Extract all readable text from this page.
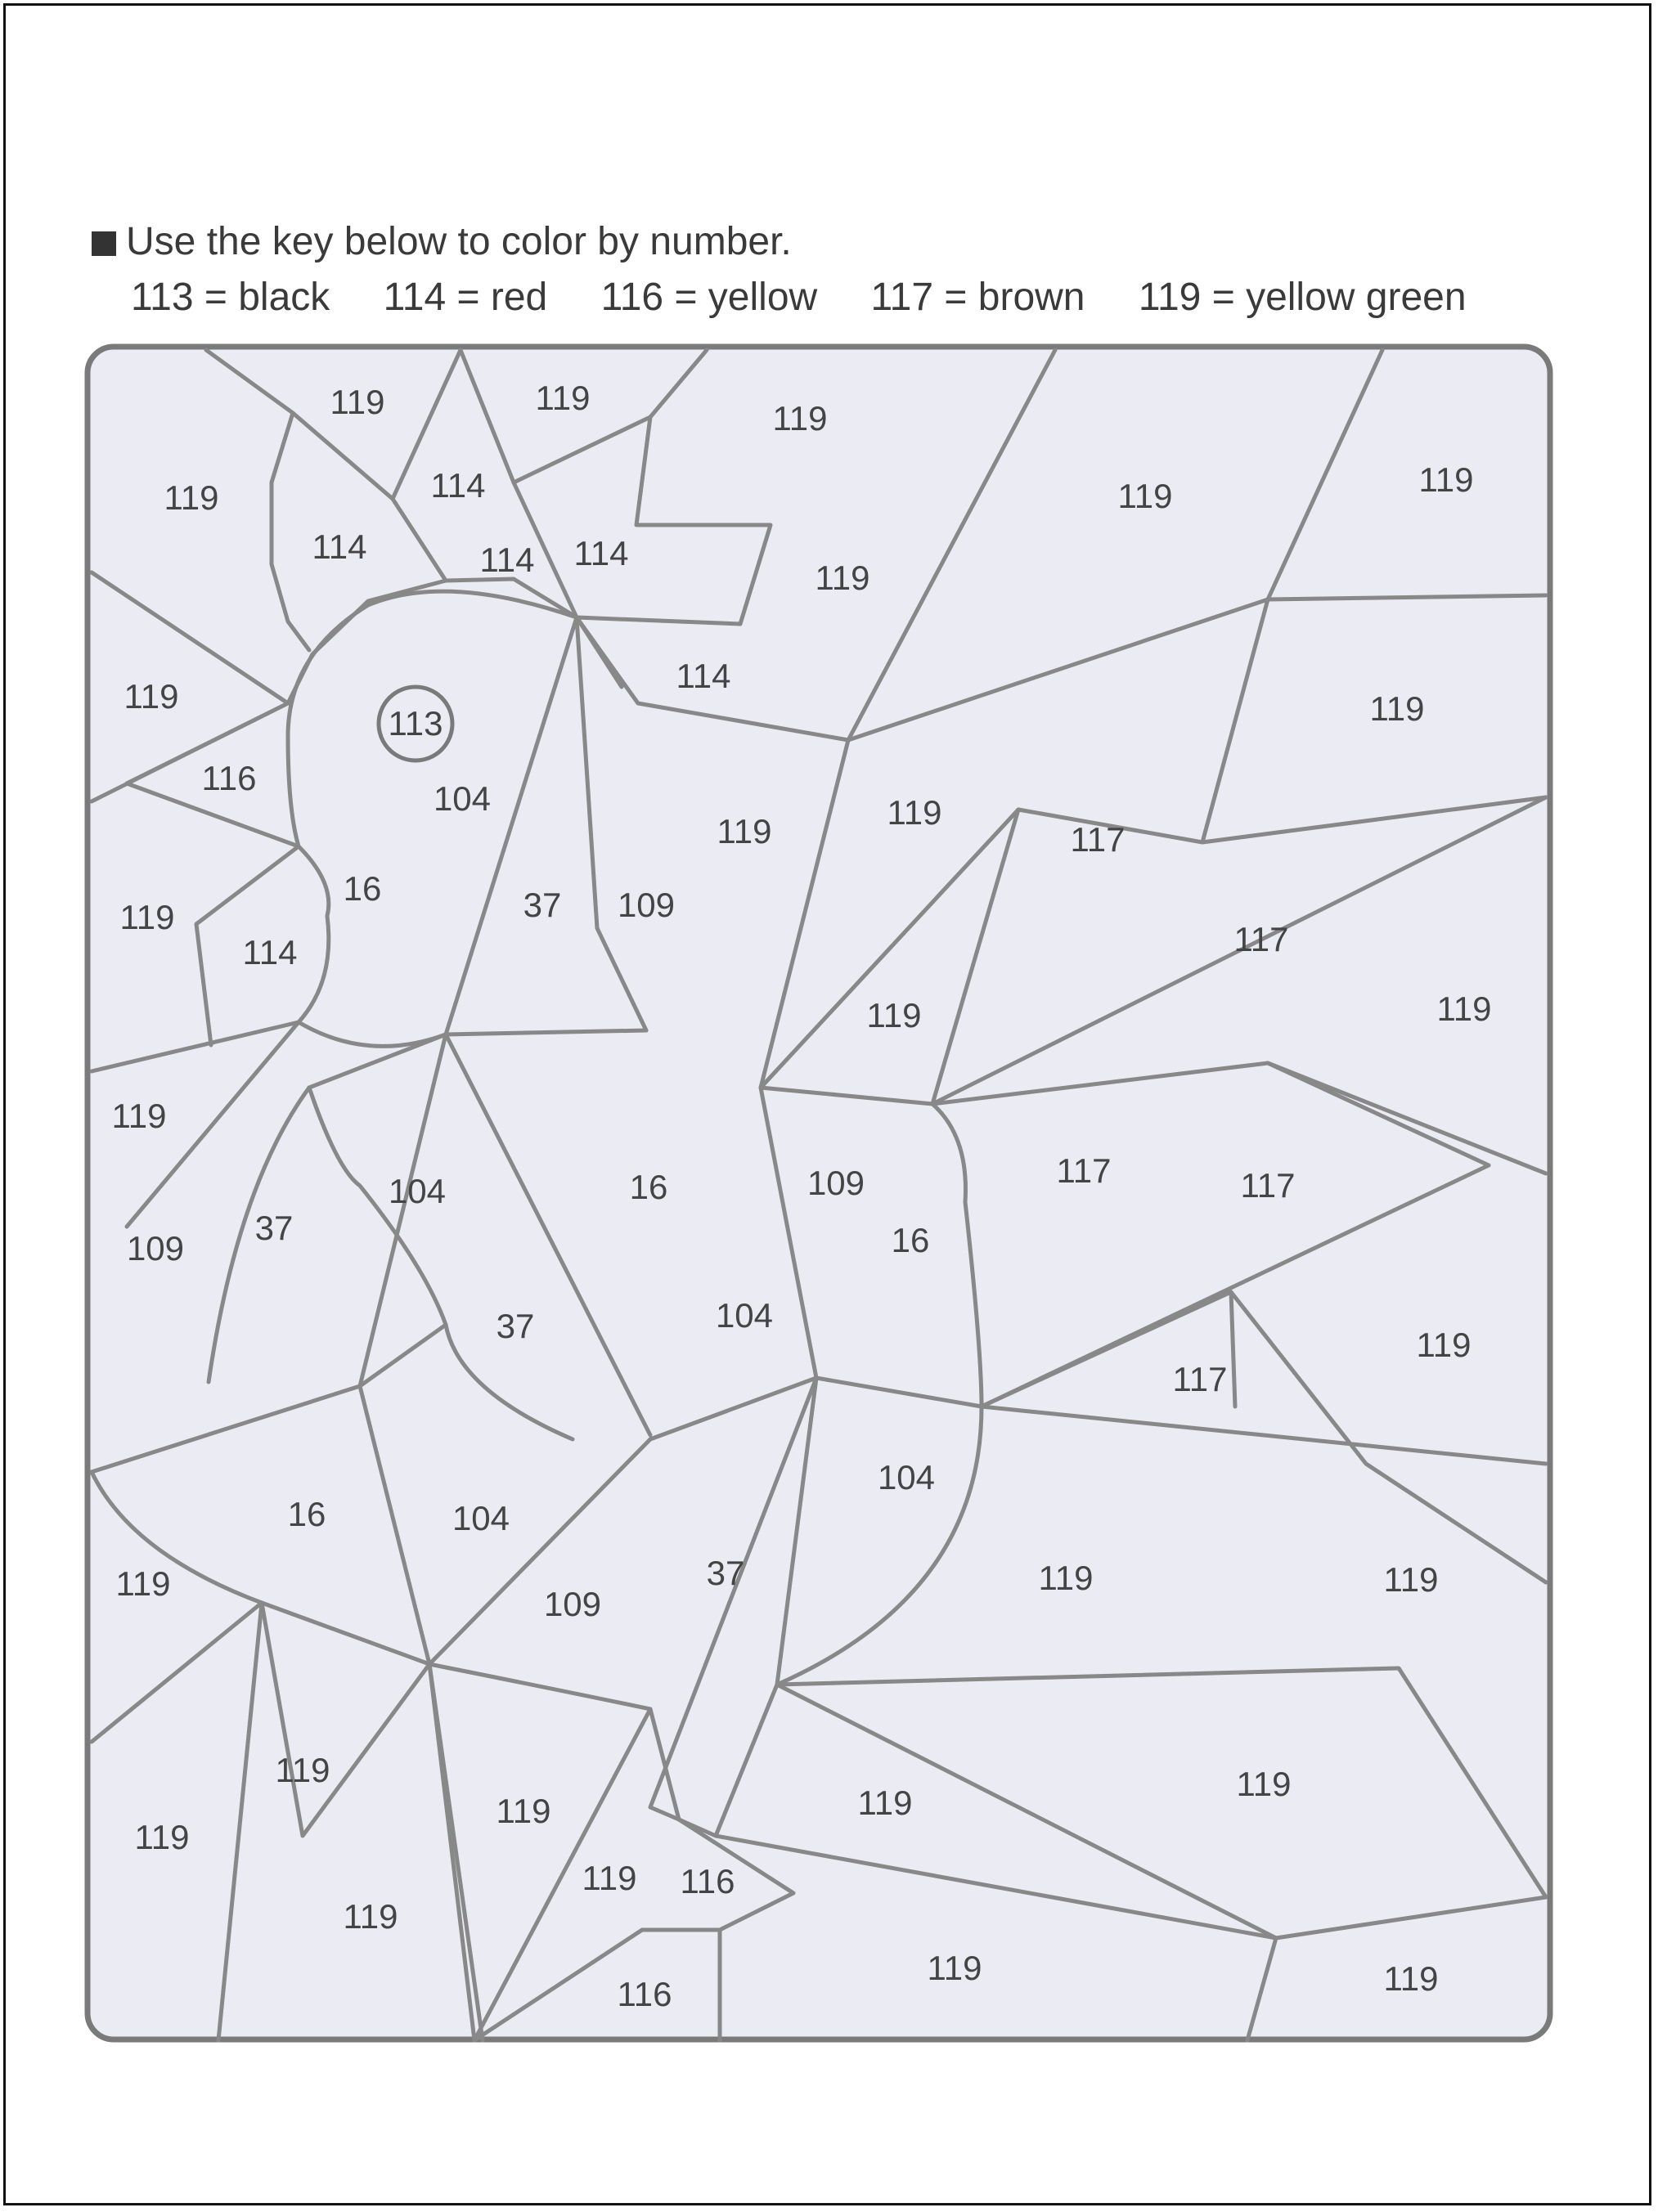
Use the key below to color by number.
113 = black 114 = red 116 = yellow 117 = brown 119 = yellow green
119	119
119
119	119
114
114	114 114
119
119
119
114
113
116
104
119
119
16	37 109
119	117
119
114	117
119
119
119
104	16	109	117	117
109
37	16
104
37	119
117
119
16	104
104
119
37
109
119
119
119	119	119
119
119
119 116
119	119
116
